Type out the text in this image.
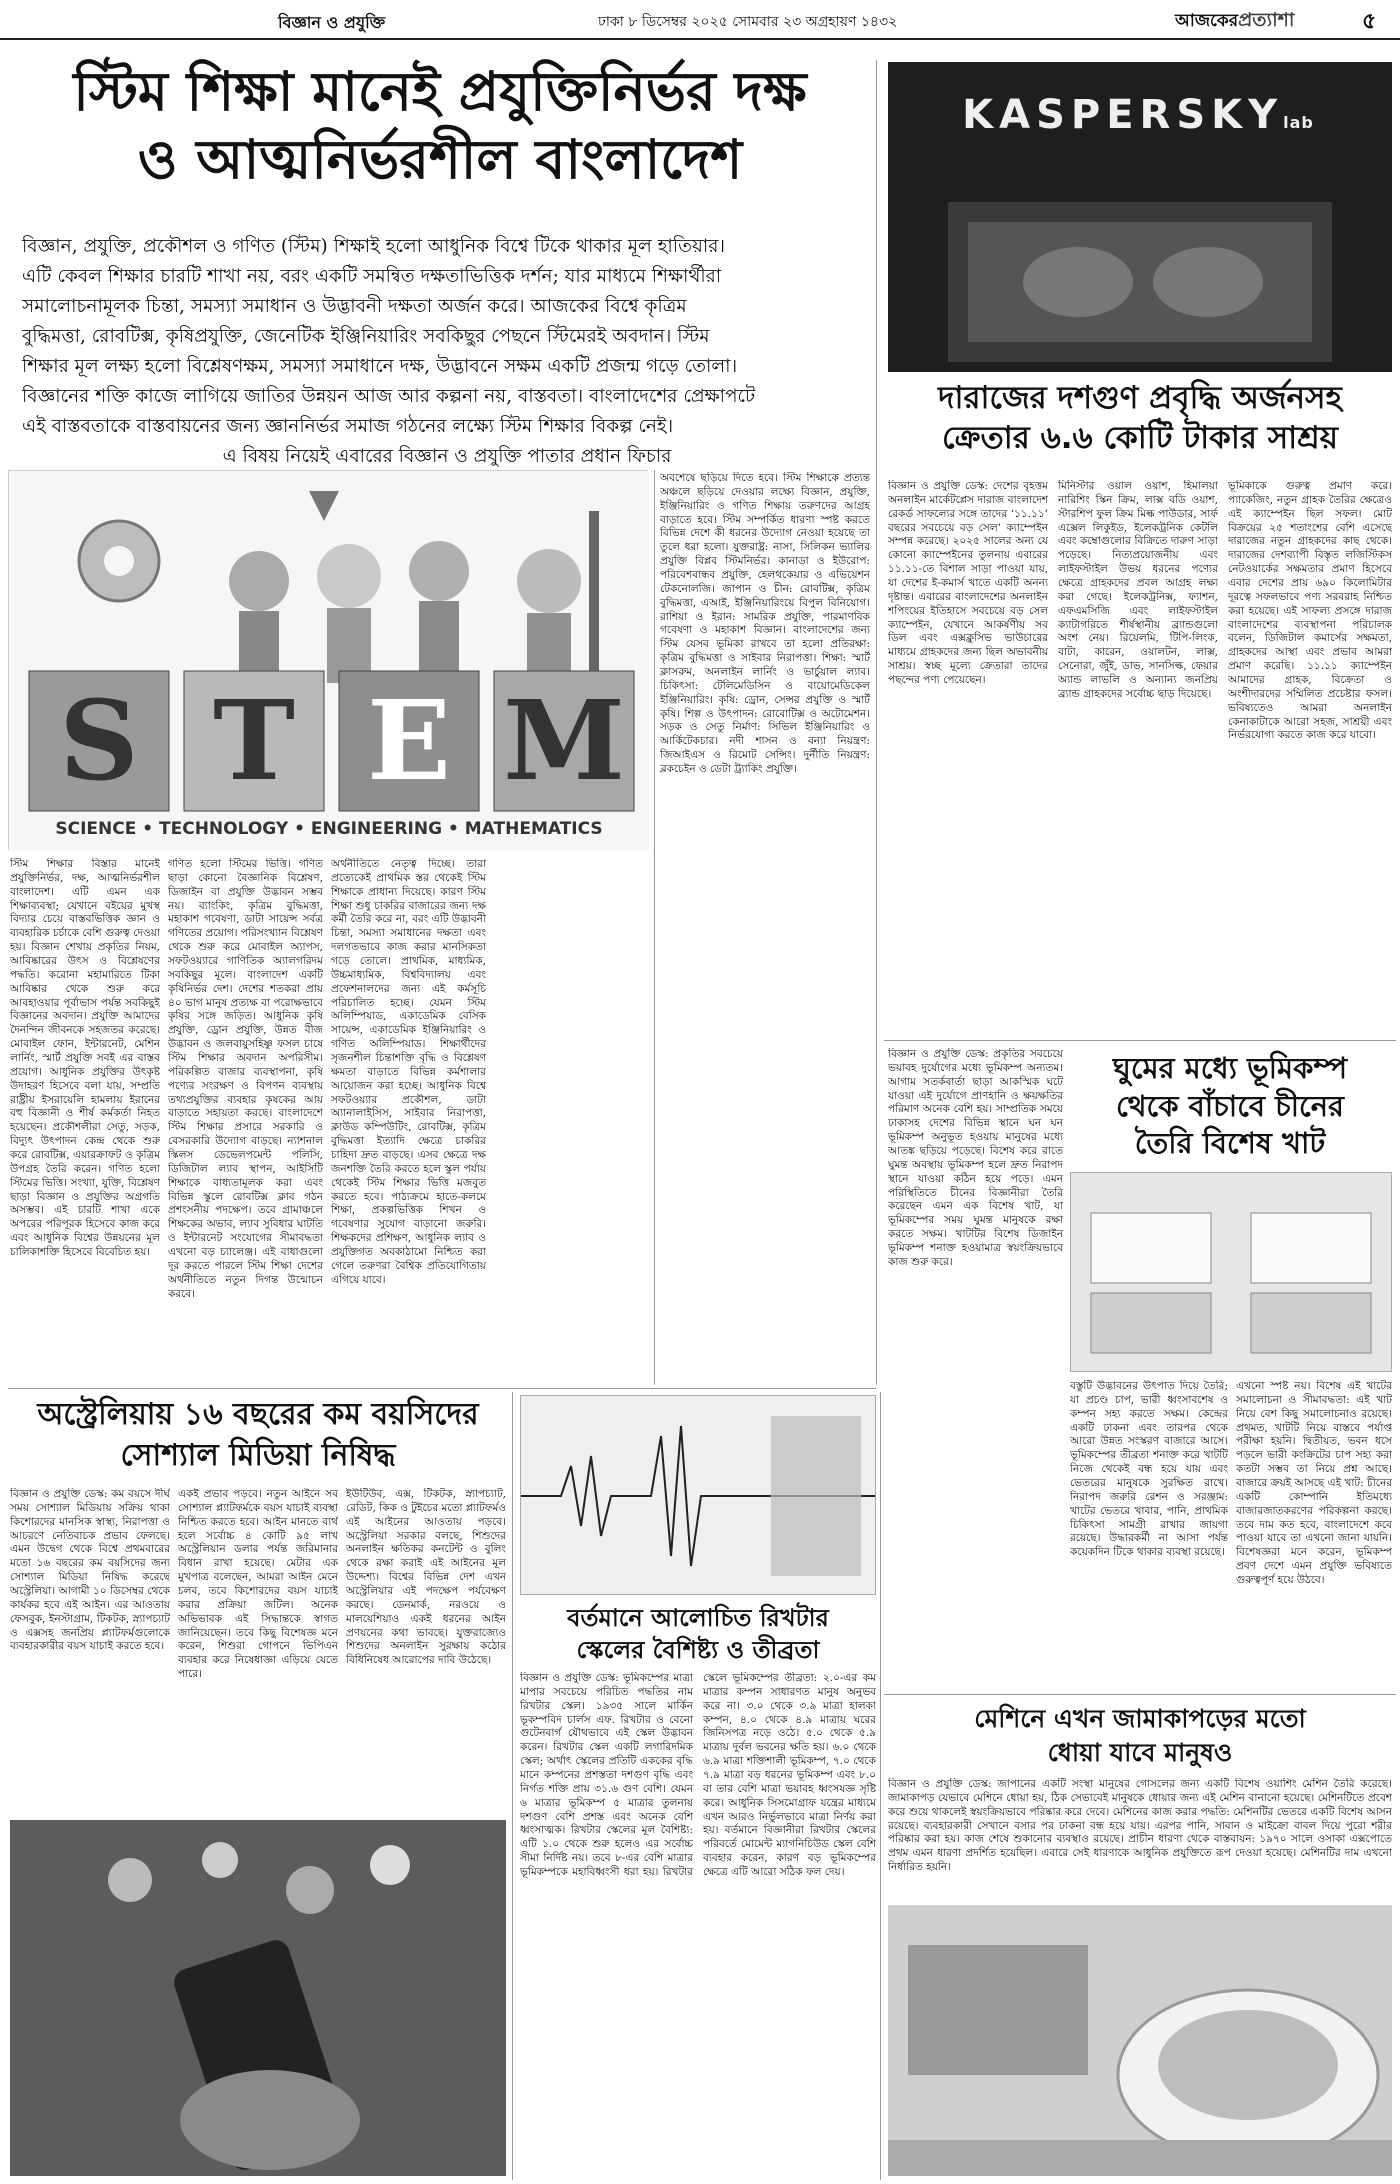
বিজ্ঞান ও প্রযুক্তি	ঢাকা ৮ ডিসেম্বর ২০২৫ সোমবার ২৩ অগ্রহায়ণ ১৪৩২	আজকেরপ্রত্যাশা	৫
স্টিম শিক্ষা মানেই প্রযুক্তিনির্ভর দক্ষ
ও আত্মনির্ভরশীল বাংলাদেশ
বিজ্ঞান, প্রযুক্তি, প্রকৌশল ও গণিত (স্টিম) শিক্ষাই হলো আধুনিক বিশ্বে টিকে থাকার মূল হাতিয়ার।
এটি কেবল শিক্ষার চারটি শাখা নয়, বরং একটি সমন্বিত দক্ষতাভিত্তিক দর্শন; যার মাধ্যমে শিক্ষার্থীরা
সমালোচনামূলক চিন্তা, সমস্যা সমাধান ও উদ্ভাবনী দক্ষতা অর্জন করে। আজকের বিশ্বে কৃত্রিম
বুদ্ধিমত্তা, রোবটিক্স, কৃষিপ্রযুক্তি, জেনেটিক ইঞ্জিনিয়ারিং সবকিছুর পেছনে স্টিমেরই অবদান। স্টিম
শিক্ষার মূল লক্ষ্য হলো বিশ্লেষণক্ষম, সমস্যা সমাধানে দক্ষ, উদ্ভাবনে সক্ষম একটি প্রজন্ম গড়ে তোলা।
বিজ্ঞানের শক্তি কাজে লাগিয়ে জাতির উন্নয়ন আজ আর কল্পনা নয়, বাস্তবতা। বাংলাদেশের প্রেক্ষাপটে
এই বাস্তবতাকে বাস্তবায়নের জন্য জ্ঞাননির্ভর সমাজ গঠনের লক্ষ্যে স্টিম শিক্ষার বিকল্প নেই।
এ বিষয় নিয়েই এবারের বিজ্ঞান ও প্রযুক্তি পাতার প্রধান ফিচার
S T E M
SCIENCE • TECHNOLOGY • ENGINEERING • MATHEMATICS
স্টিম শিক্ষার বিস্তার মানেই প্রযুক্তিনির্ভর, দক্ষ, আত্মনির্ভরশীল বাংলাদেশ। এটি এমন এক শিক্ষাব্যবস্থা; যেখানে বইয়ের মুখস্থ বিদ্যার চেয়ে বাস্তবভিত্তিক জ্ঞান ও ব্যবহারিক চর্চাকে বেশি গুরুত্ব দেওয়া হয়। বিজ্ঞান শেখায় প্রকৃতির নিয়ম, আবিষ্কারের উৎস ও বিশ্লেষণের পদ্ধতি। করোনা মহামারিতে টিকা আবিষ্কার থেকে শুরু করে আবহাওয়ার পূর্বাভাস পর্যন্ত সবকিছুই বিজ্ঞানের অবদান। প্রযুক্তি আমাদের দৈনন্দিন জীবনকে সহজতর করেছে। মোবাইল ফোন, ইন্টারনেট, মেশিন লার্নিং, স্মার্ট প্রযুক্তি সবই এর বাস্তব প্রয়োগ। আধুনিক প্রযুক্তির উৎকৃষ্ট উদাহরণ হিসেবে বলা যায়, সম্প্রতি রাষ্ট্রীয় ইসরায়েলি হামলায় ইরানের বহু বিজ্ঞানী ও শীর্ষ কর্মকর্তা নিহত হয়েছেন। প্রকৌশলীরা সেতু, সড়ক, বিদ্যুৎ উৎপাদন কেন্দ্র থেকে শুরু করে রোবটিক্স, এয়ারক্রাফট ও কৃত্রিম উপগ্রহ তৈরি করেন। গণিত হলো স্টিমের ভিত্তি। সংখ্যা, যুক্তি, বিশ্লেষণ ছাড়া বিজ্ঞান ও প্রযুক্তির অগ্রগতি অসম্ভব। এই চারটি শাখা একে অপরের পরিপূরক হিসেবে কাজ করে এবং আধুনিক বিশ্বের উন্নয়নের মূল চালিকাশক্তি হিসেবে বিবেচিত হয়।
গণিত হলো স্টিমের ভিত্তি। গণিত ছাড়া কোনো বৈজ্ঞানিক বিশ্লেষণ, ডিজাইন বা প্রযুক্তি উদ্ভাবন সম্ভব নয়। ব্যাংকিং, কৃত্রিম বুদ্ধিমত্তা, মহাকাশ গবেষণা, ডাটা সায়েন্স সর্বত্র গণিতের প্রয়োগ। পরিসংখ্যান বিশ্লেষণ থেকে শুরু করে মোবাইল অ্যাপস, সফটওয়্যারে গাণিতিক অ্যালগরিদম সবকিছুর মূলে। বাংলাদেশ একটি কৃষিনির্ভর দেশ। দেশের শতকরা প্রায় ৪০ ভাগ মানুষ প্রত্যক্ষ বা পরোক্ষভাবে কৃষির সঙ্গে জড়িত। আধুনিক কৃষি প্রযুক্তি, ড্রোন প্রযুক্তি, উন্নত বীজ উদ্ভাবন ও জলবায়ুসহিষ্ণু ফসল চাষে স্টিম শিক্ষার অবদান অপরিসীম। পরিকল্পিত বাজার ব্যবস্থাপনা, কৃষি পণ্যের সংরক্ষণ ও বিপণন ব্যবস্থায় তথ্যপ্রযুক্তির ব্যবহার কৃষকের আয় বাড়াতে সহায়তা করছে। বাংলাদেশে স্টিম শিক্ষার প্রসারে সরকারি ও বেসরকারি উদ্যোগ বাড়ছে। ন্যাশনাল স্কিলস ডেভেলপমেন্ট পলিসি, ডিজিটাল ল্যাব স্থাপন, আইসিটি শিক্ষাকে বাধ্যতামূলক করা এবং বিভিন্ন স্কুলে রোবটিক্স ক্লাব গঠন প্রশংসনীয় পদক্ষেপ। তবে গ্রামাঞ্চলে শিক্ষকের অভাব, ল্যাব সুবিধার ঘাটতি ও ইন্টারনেট সংযোগের সীমাবদ্ধতা এখনো বড় চ্যালেঞ্জ। এই বাধাগুলো দূর করতে পারলে স্টিম শিক্ষা দেশের অর্থনীতিতে নতুন দিগন্ত উন্মোচন করবে।
অর্থনীতিতে নেতৃত্ব দিচ্ছে। তারা প্রত্যেকেই প্রাথমিক স্তর থেকেই স্টিম শিক্ষাকে প্রাধান্য দিয়েছে। কারণ স্টিম শিক্ষা শুধু চাকরির বাজারের জন্য দক্ষ কর্মী তৈরি করে না, বরং এটি উদ্ভাবনী চিন্তা, সমস্যা সমাধানের দক্ষতা এবং দলগতভাবে কাজ করার মানসিকতা গড়ে তোলে। প্রাথমিক, মাধ্যমিক, উচ্চমাধ্যমিক, বিশ্ববিদ্যালয় এবং প্রফেশনালদের জন্য এই কর্মসূচি পরিচালিত হচ্ছে। যেমন স্টিম অলিম্পিয়াড, একাডেমিক বেসিক সায়েন্স, একাডেমিক ইঞ্জিনিয়ারিং ও গণিত অলিম্পিয়াড। শিক্ষার্থীদের সৃজনশীল চিন্তাশক্তি বৃদ্ধি ও বিশ্লেষণ ক্ষমতা বাড়াতে বিভিন্ন কর্মশালার আয়োজন করা হচ্ছে। আধুনিক বিশ্বে সফটওয়্যার প্রকৌশল, ডাটা অ্যানালাইসিস, সাইবার নিরাপত্তা, ক্লাউড কম্পিউটিং, রোবটিক্স, কৃত্রিম বুদ্ধিমত্তা ইত্যাদি ক্ষেত্রে চাকরির চাহিদা দ্রুত বাড়ছে। এসব ক্ষেত্রে দক্ষ জনশক্তি তৈরি করতে হলে স্কুল পর্যায় থেকেই স্টিম শিক্ষার ভিত্তি মজবুত করতে হবে। পাঠ্যক্রমে হাতে-কলমে শিক্ষা, প্রকল্পভিত্তিক শিখন ও গবেষণার সুযোগ বাড়ানো জরুরি। শিক্ষকদের প্রশিক্ষণ, আধুনিক ল্যাব ও প্রযুক্তিগত অবকাঠামো নিশ্চিত করা গেলে তরুণরা বৈশ্বিক প্রতিযোগিতায় এগিয়ে যাবে।
অবশেষে ছড়িয়ে দিতে হবে। স্টিম শিক্ষাকে প্রত্যন্ত অঞ্চলে ছড়িয়ে দেওয়ার লক্ষ্যে বিজ্ঞান, প্রযুক্তি, ইঞ্জিনিয়ারিং ও গণিত শিক্ষায় তরুণদের আগ্রহ বাড়াতে হবে। স্টিম সম্পর্কিত ধারণা স্পষ্ট করতে বিভিন্ন দেশে কী ধরনের উদ্যোগ নেওয়া হয়েছে তা তুলে ধরা হলো। যুক্তরাষ্ট্র: নাসা, সিলিকন ভ্যালির প্রযুক্তি বিপ্লব স্টিমনির্ভর। কানাডা ও ইউরোপ: পরিবেশবান্ধব প্রযুক্তি, হেলথকেয়ার ও এভিয়েশন টেকনোলজি। জাপান ও চীন: রোবটিক্স, কৃত্রিম বুদ্ধিমত্তা, এআই, ইঞ্জিনিয়ারিংয়ে বিপুল বিনিয়োগ। রাশিয়া ও ইরান: সামরিক প্রযুক্তি, পারমাণবিক গবেষণা ও মহাকাশ বিজ্ঞান। বাংলাদেশের জন্য স্টিম যেসব ভূমিকা রাখবে তা হলো প্রতিরক্ষা: কৃত্রিম বুদ্ধিমত্তা ও সাইবার নিরাপত্তা। শিক্ষা: স্মার্ট ক্লাসরুম, অনলাইন লার্নিং ও ভার্চুয়াল ল্যাব। চিকিৎসা: টেলিমেডিসিন ও বায়োমেডিকেল ইঞ্জিনিয়ারিং। কৃষি: ড্রোন, সেন্সর প্রযুক্তি ও স্মার্ট কৃষি। শিল্প ও উৎপাদন: রোবোটিক্স ও অটোমেশন। সড়ক ও সেতু নির্মাণ: সিভিল ইঞ্জিনিয়ারিং ও আর্কিটেকচার। নদী শাসন ও বন্যা নিয়ন্ত্রণ: জিআইএস ও রিমোট সেন্সিং। দুর্নীতি নিয়ন্ত্রণ: ব্লকচেইন ও ডেটা ট্র্যাকিং প্রযুক্তি।
KASPERSKYlab
দারাজের দশগুণ প্রবৃদ্ধি অর্জনসহ
ক্রেতার ৬.৬ কোটি টাকার সাশ্রয়
বিজ্ঞান ও প্রযুক্তি ডেস্ক: দেশের বৃহত্তম অনলাইন মার্কেটপ্লেস দারাজ বাংলাদেশ রেকর্ড সাফল্যের সঙ্গে তাদের ‘১১.১১’ বছরের সবচেয়ে বড় সেল’ ক্যাম্পেইন সম্পন্ন করেছে। ২০২৫ সালের অন্য যে কোনো ক্যাম্পেইনের তুলনায় এবারের ১১.১১-তে বিশাল সাড়া পাওয়া যায়, যা দেশের ই-কমার্স খাতে একটি অনন্য দৃষ্টান্ত। এবারের বাংলাদেশের অনলাইন শপিংয়ের ইতিহাসে সবচেয়ে বড় সেল ক্যাম্পেইন, যেখানে আকর্ষণীয় সব ডিল এবং এক্সক্লুসিভ ভাউচারের মাধ্যমে গ্রাহকদের জন্য ছিল অভাবনীয় সাশ্রয়। স্বচ্ছ মূল্যে ক্রেতারা তাদের পছন্দের পণ্য পেয়েছেন।
মিনিস্টার ওয়াল ওয়াশ, হিমালয়া নারিশিং স্কিন ক্রিম, লাক্স বডি ওয়াশ, স্টারশিপ ফুল ক্রিম মিল্ক পাউডার, সার্ফ এক্সেল লিকুইড, ইলেকট্রনিক কেটলি এবং কম্বোগুলোর বিক্রিতে দারুণ সাড়া পড়েছে। নিত্যপ্রয়োজনীয় এবং লাইফস্টাইল উভয় ধরনের পণ্যের ক্ষেত্রে গ্রাহকদের প্রবল আগ্রহ লক্ষ্য করা গেছে। ইলেকট্রনিক্স, ফ্যাশন, এফএমসিজি এবং লাইফস্টাইল ক্যাটাগরিতে শীর্ষস্থানীয় ব্র্যান্ডগুলো অংশ নেয়। রিয়েলমি, টিপি-লিংক, বাটা, কারেন, ওয়ালটন, লাক্স, সেনোরা, জুঁই, ডাভ, সানসিল্ক, ফেয়ার অ্যান্ড লাভলি ও অন্যান্য জনপ্রিয় ব্র্যান্ড গ্রাহকদের সর্বোচ্চ ছাড় দিয়েছে।
ভূমিকাকে গুরুত্ব প্রমাণ করে। প্যাকেজিং, নতুন গ্রাহক তৈরির ক্ষেত্রেও এই ক্যাম্পেইন ছিল সফল। মোট বিক্রয়ের ২৫ শতাংশের বেশি এসেছে দারাজের নতুন গ্রাহকদের কাছ থেকে। দারাজের দেশব্যাপী বিস্তৃত লজিস্টিকস নেটওয়ার্কের সক্ষমতার প্রমাণ হিসেবে এবার দেশের প্রায় ৬৯০ কিলোমিটার দূরত্বে সফলভাবে পণ্য সরবরাহ নিশ্চিত করা হয়েছে। এই সাফল্য প্রসঙ্গে দারাজ বাংলাদেশের ব্যবস্থাপনা পরিচালক বলেন, ডিজিটাল কমার্সের সক্ষমতা, গ্রাহকদের আস্থা এবং প্রভাব আমরা প্রমাণ করেছি। ১১.১১ ক্যাম্পেইন আমাদের গ্রাহক, বিক্রেতা ও অংশীদারদের সম্মিলিত প্রচেষ্টার ফসল। ভবিষ্যতেও আমরা অনলাইন কেনাকাটাকে আরো সহজ, সাশ্রয়ী এবং নির্ভরযোগ্য করতে কাজ করে যাবো।
বিজ্ঞান ও প্রযুক্তি ডেস্ক: প্রকৃতির সবচেয়ে ভয়াবহ দুর্যোগের মধ্যে ভূমিকম্প অন্যতম। আগাম সতর্কবার্তা ছাড়া আকস্মিক ঘটে যাওয়া এই দুর্যোগে প্রাণহানি ও ক্ষয়ক্ষতির পরিমাণ অনেক বেশি হয়। সাম্প্রতিক সময়ে ঢাকাসহ দেশের বিভিন্ন স্থানে ঘন ঘন ভূমিকম্প অনুভূত হওয়ায় মানুষের মধ্যে আতঙ্ক ছড়িয়ে পড়েছে। বিশেষ করে রাতে ঘুমন্ত অবস্থায় ভূমিকম্প হলে দ্রুত নিরাপদ স্থানে যাওয়া কঠিন হয়ে পড়ে। এমন পরিস্থিতিতে চীনের বিজ্ঞানীরা তৈরি করেছেন এমন এক বিশেষ খাট, যা ভূমিকম্পের সময় ঘুমন্ত মানুষকে রক্ষা করতে সক্ষম। খাটটির বিশেষ ডিজাইন ভূমিকম্প শনাক্ত হওয়ামাত্র স্বয়ংক্রিয়ভাবে কাজ শুরু করে।
ঘুমের মধ্যে ভূমিকম্প
থেকে বাঁচাবে চীনের
তৈরি বিশেষ খাট
বস্তুটি উদ্ভাবনের উৎপাত দিয়ে তৈরি; যা প্রচণ্ড চাপ, ভারী ধ্বংসাবশেষ ও কম্পন সহ্য করতে সক্ষম। কেন্দ্রের একটি ঢাকনা এবং তারপর থেকে আরো উন্নত সংস্করণ বাজারে আসে। ভূমিকম্পের তীব্রতা শনাক্ত করে খাটটি নিজে থেকেই বন্ধ হয়ে যায় এবং ভেতরের মানুষকে সুরক্ষিত রাখে। নিরাপদ জরুরি রেশন ও সরঞ্জাম: খাটের ভেতরে খাবার, পানি, প্রাথমিক চিকিৎসা সামগ্রী রাখার জায়গা রয়েছে। উদ্ধারকর্মী না আসা পর্যন্ত কয়েকদিন টিকে থাকার ব্যবস্থা রয়েছে।
এখনো স্পষ্ট নয়। বিশেষ এই খাটের সমালোচনা ও সীমাবদ্ধতা: এই খাট নিয়ে বেশ কিছু সমালোচনাও রয়েছে। প্রথমত, খাটটি নিয়ে বাস্তবে পর্যাপ্ত পরীক্ষা হয়নি। দ্বিতীয়ত, ভবন ধসে পড়লে ভারী কংক্রিটের চাপ সহ্য করা কতটা সম্ভব তা নিয়ে প্রশ্ন আছে। বাজারে ক্রয়ই আসছে এই খাট: চীনের একটি কোম্পানি ইতিমধ্যে বাজারজাতকরণের পরিকল্পনা করছে। তবে দাম কত হবে, বাংলাদেশে কবে পাওয়া যাবে তা এখনো জানা যায়নি। বিশেষজ্ঞরা মনে করেন, ভূমিকম্প প্রবণ দেশে এমন প্রযুক্তি ভবিষ্যতে গুরুত্বপূর্ণ হয়ে উঠবে।
অস্ট্রেলিয়ায় ১৬ বছরের কম বয়সিদের
সোশ্যাল মিডিয়া নিষিদ্ধ
বিজ্ঞান ও প্রযুক্তি ডেস্ক: কম বয়সে দীর্ঘ সময় সোশ্যাল মিডিয়ায় সক্রিয় থাকা কিশোরদের মানসিক স্বাস্থ্য, নিরাপত্তা ও আচরণে নেতিবাচক প্রভাব ফেলছে। এমন উদ্বেগ থেকে বিশ্বে প্রথমবারের মতো ১৬ বছরের কম বয়সিদের জন্য সোশ্যাল মিডিয়া নিষিদ্ধ করেছে অস্ট্রেলিয়া। আগামী ১০ ডিসেম্বর থেকে কার্যকর হবে এই আইন। এর আওতায় ফেসবুক, ইনস্টাগ্রাম, টিকটক, স্ন্যাপচ্যাট ও এক্সসহ জনপ্রিয় প্ল্যাটফর্মগুলোকে ব্যবহারকারীর বয়স যাচাই করতে হবে।
একই প্রভাব পড়বে। নতুন আইনে সব সোশ্যাল প্ল্যাটফর্মকে বয়স যাচাই ব্যবস্থা নিশ্চিত করতে হবে। আইন মানতে ব্যর্থ হলে সর্বোচ্চ ৪ কোটি ৯৫ লাখ অস্ট্রেলিয়ান ডলার পর্যন্ত জরিমানার বিধান রাখা হয়েছে। মেটার এক মুখপাত্র বলেছেন, আমরা আইন মেনে চলব, তবে কিশোরদের বয়স যাচাই করার প্রক্রিয়া জটিল। অনেক অভিভাবক এই সিদ্ধান্তকে স্বাগত জানিয়েছেন। তবে কিছু বিশেষজ্ঞ মনে করেন, শিশুরা গোপনে ভিপিএন ব্যবহার করে নিষেধাজ্ঞা এড়িয়ে যেতে পারে।
ইউটিউব, এক্স, টিকটক, স্ন্যাপচ্যাট, রেডিট, কিক ও টুইচের মতো প্ল্যাটফর্মও এই আইনের আওতায় পড়বে। অস্ট্রেলিয়া সরকার বলছে, শিশুদের অনলাইন ক্ষতিকর কনটেন্ট ও বুলিং থেকে রক্ষা করাই এই আইনের মূল উদ্দেশ্য। বিশ্বের বিভিন্ন দেশ এখন অস্ট্রেলিয়ার এই পদক্ষেপ পর্যবেক্ষণ করছে। ডেনমার্ক, নরওয়ে ও মালয়েশিয়াও একই ধরনের আইন প্রণয়নের কথা ভাবছে। যুক্তরাজ্যেও শিশুদের অনলাইন সুরক্ষায় কঠোর বিধিনিষেধ আরোপের দাবি উঠেছে।
বর্তমানে আলোচিত রিখটার
স্কেলের বৈশিষ্ট্য ও তীব্রতা
বিজ্ঞান ও প্রযুক্তি ডেস্ক: ভূমিকম্পের মাত্রা মাপার সবচেয়ে পরিচিত পদ্ধতির নাম রিখটার স্কেল। ১৯৩৫ সালে মার্কিন ভূকম্পবিদ চার্লস এফ. রিখটার ও বেনো গুটেনবার্গ যৌথভাবে এই স্কেল উদ্ভাবন করেন। রিখটার স্কেল একটি লগারিদমিক স্কেল; অর্থাৎ স্কেলের প্রতিটি এককের বৃদ্ধি মানে কম্পনের প্রশস্ততা দশগুণ বৃদ্ধি এবং নির্গত শক্তি প্রায় ৩১.৬ গুণ বেশি। যেমন ৬ মাত্রার ভূমিকম্প ৫ মাত্রার তুলনায় দশগুণ বেশি প্রশস্ত এবং অনেক বেশি ধ্বংসাত্মক। রিখটার স্কেলের মূল বৈশিষ্ট্য: এটি ১.০ থেকে শুরু হলেও এর সর্বোচ্চ সীমা নির্দিষ্ট নয়। তবে ৮-এর বেশি মাত্রার ভূমিকম্পকে মহাবিধ্বংসী ধরা হয়। রিখটার স্কেলে ভূমিকম্পের তীব্রতা: ২.০-এর কম মাত্রার কম্পন সাধারণত মানুষ অনুভব করে না। ৩.০ থেকে ৩.৯ মাত্রা হালকা কম্পন, ৪.০ থেকে ৪.৯ মাত্রায় ঘরের জিনিসপত্র নড়ে ওঠে। ৫.০ থেকে ৫.৯ মাত্রায় দুর্বল ভবনের ক্ষতি হয়। ৬.০ থেকে ৬.৯ মাত্রা শক্তিশালী ভূমিকম্প, ৭.০ থেকে ৭.৯ মাত্রা বড় ধরনের ভূমিকম্প এবং ৮.০ বা তার বেশি মাত্রা ভয়াবহ ধ্বংসযজ্ঞ সৃষ্টি করে। আধুনিক সিসমোগ্রাফ যন্ত্রের মাধ্যমে এখন আরও নির্ভুলভাবে মাত্রা নির্ণয় করা হয়। বর্তমানে বিজ্ঞানীরা রিখটার স্কেলের পরিবর্তে মোমেন্ট ম্যাগনিচিউড স্কেল বেশি ব্যবহার করেন, কারণ বড় ভূমিকম্পের ক্ষেত্রে এটি আরো সঠিক ফল দেয়।
মেশিনে এখন জামাকাপড়ের মতো
ধোয়া যাবে মানুষও
বিজ্ঞান ও প্রযুক্তি ডেস্ক: জাপানের একটি সংস্থা মানুষের গোসলের জন্য একটি বিশেষ ওয়াশিং মেশিন তৈরি করেছে। জামাকাপড় যেভাবে মেশিনে ধোয়া হয়, ঠিক সেভাবেই মানুষকে ধোয়ার জন্য এই মেশিন বানানো হয়েছে। মেশিনটিতে প্রবেশ করে শুয়ে থাকলেই স্বয়ংক্রিয়ভাবে পরিষ্কার করে দেবে। মেশিনের কাজ করার পদ্ধতি: মেশিনটির ভেতরে একটি বিশেষ আসন রয়েছে। ব্যবহারকারী সেখানে বসার পর ঢাকনা বন্ধ হয়ে যায়। এরপর পানি, সাবান ও মাইক্রো বাবল দিয়ে পুরো শরীর পরিষ্কার করা হয়। কাজ শেষে শুকানোর ব্যবস্থাও রয়েছে। প্রাচীন ধারণা থেকে বাস্তবায়ন: ১৯৭০ সালে ওসাকা এক্সপোতে প্রথম এমন ধারণা প্রদর্শিত হয়েছিল। এবারে সেই ধারণাকে আধুনিক প্রযুক্তিতে রূপ দেওয়া হয়েছে। মেশিনটির দাম এখনো নির্ধারিত হয়নি।
